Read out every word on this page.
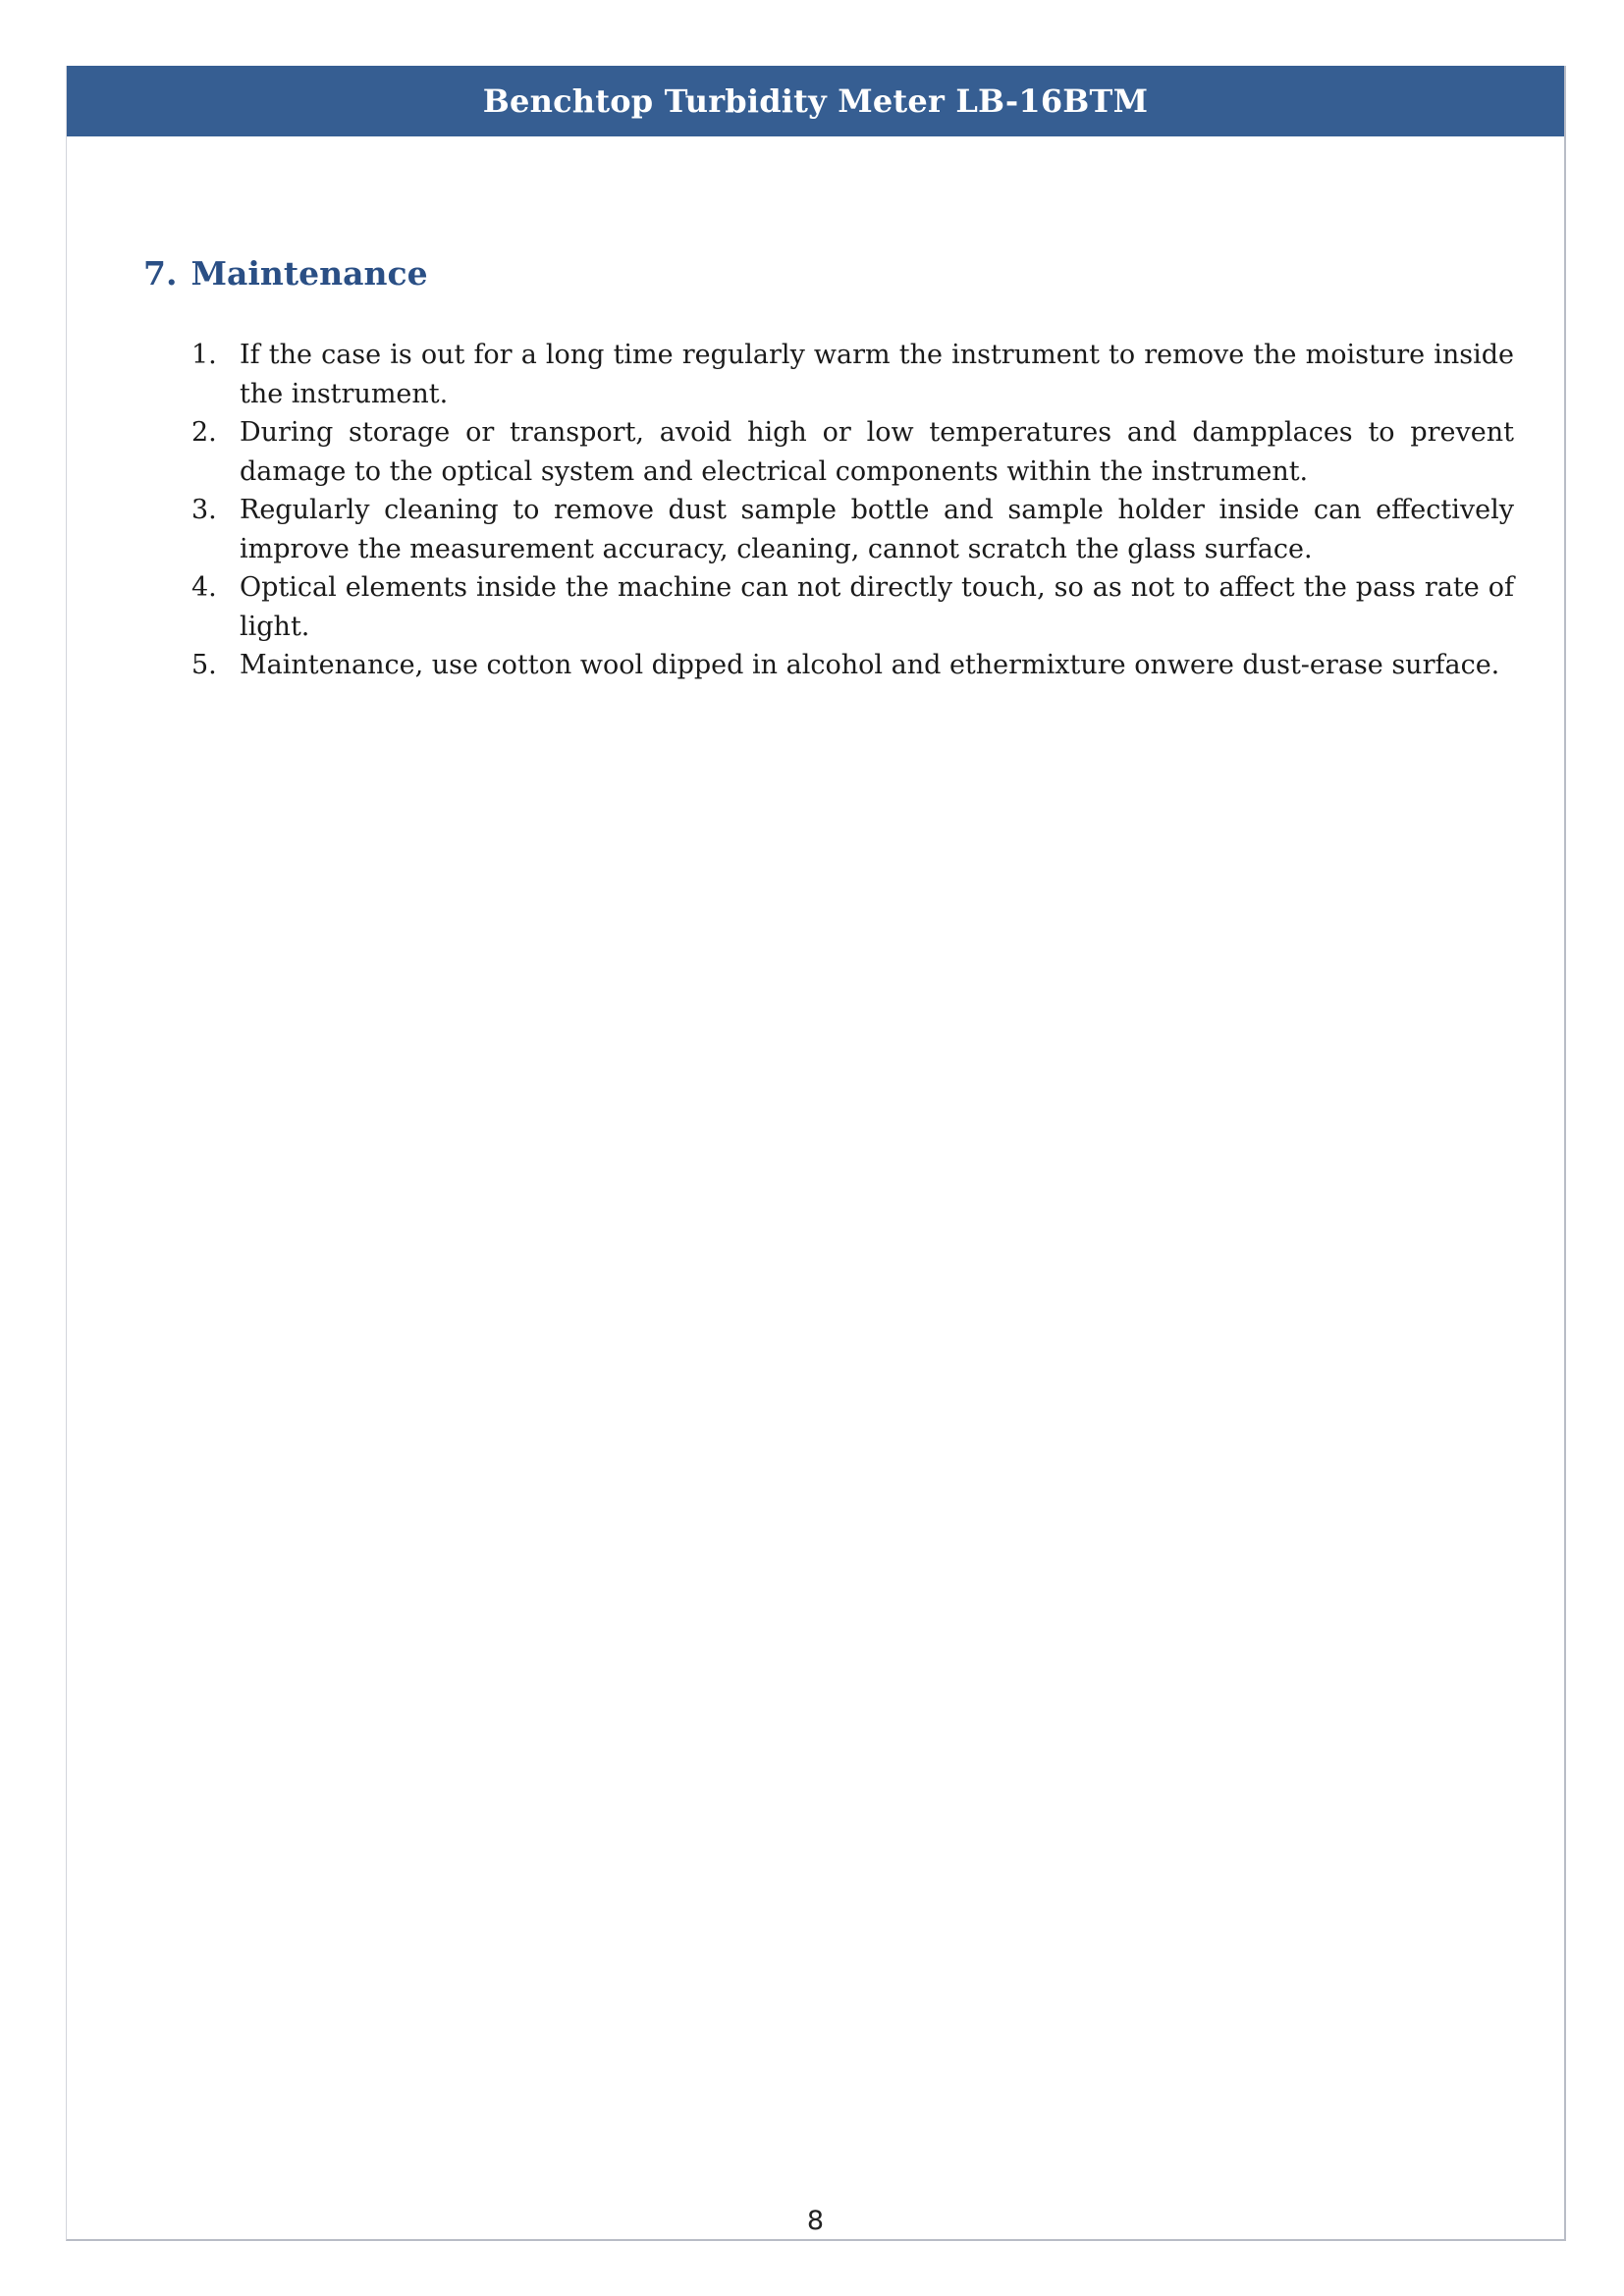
Benchtop Turbidity Meter LB-16BTM
7. Maintenance
1. If the case is out for a long time regularly warm the instrument to remove the moisture inside the instrument.
2. During storage or transport, avoid high or low temperatures and dampplaces to prevent damage to the optical system and electrical components within the instrument.
3. Regularly cleaning to remove dust sample bottle and sample holder inside can effectively improve the measurement accuracy, cleaning, cannot scratch the glass surface.
4. Optical elements inside the machine can not directly touch, so as not to affect the pass rate of light.
5. Maintenance, use cotton wool dipped in alcohol and ethermixture onwere dust-erase surface.
8
